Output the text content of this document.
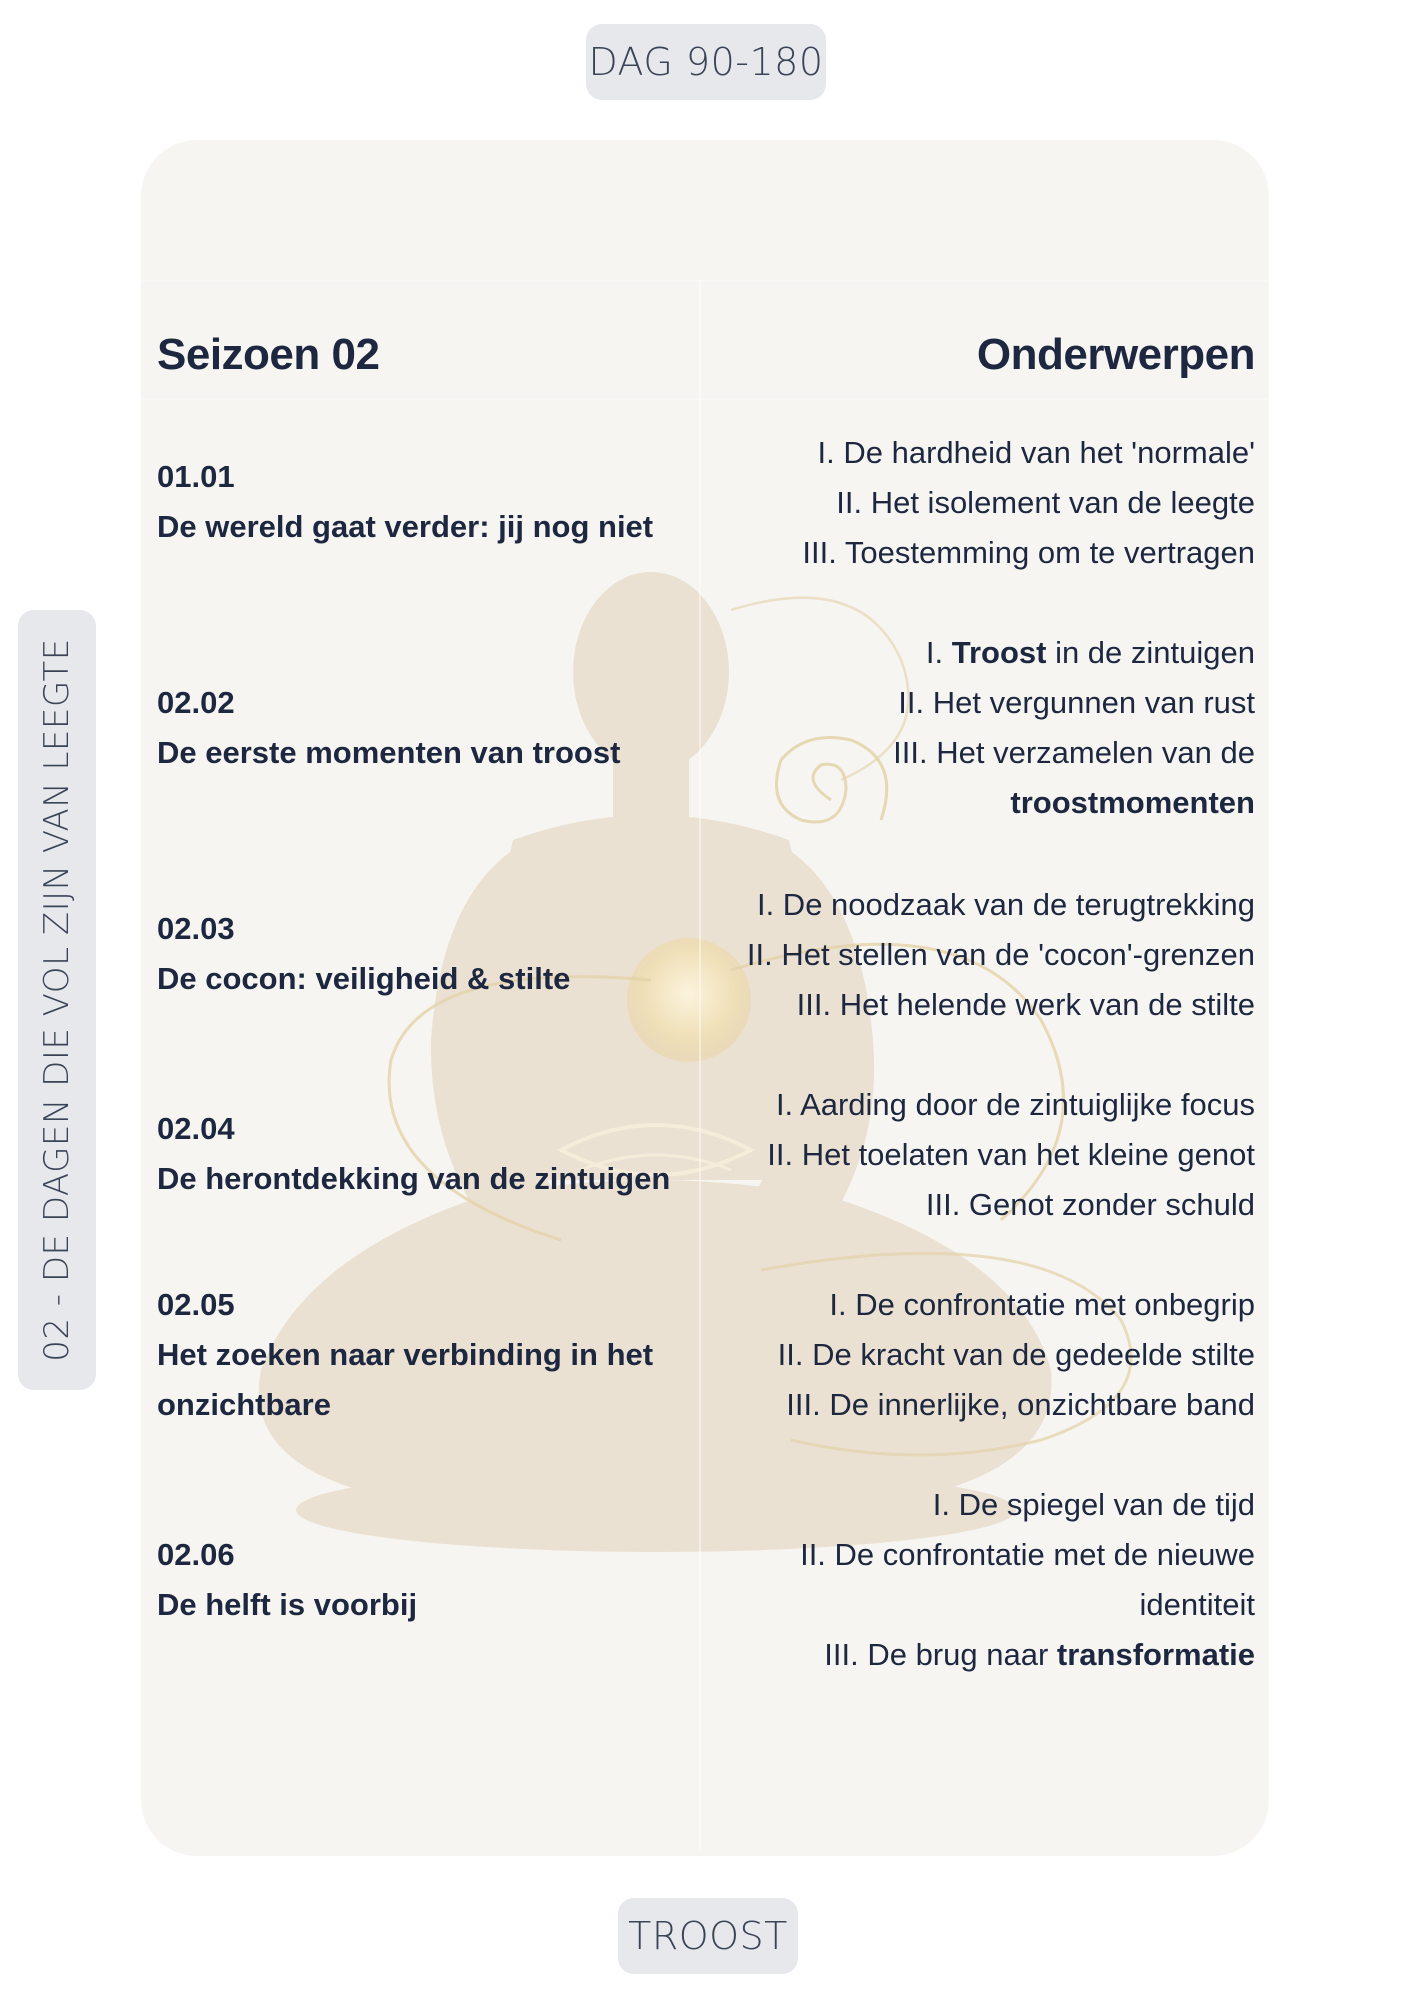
DAG 90-180
02 - DE DAGEN DIE VOL ZIJN VAN LEEGTE
Seizoen 02	Onderwerpen
01.01
De wereld gaat verder: jij nog niet
I. De hardheid van het 'normale'
II. Het isolement van de leegte
III. Toestemming om te vertragen
02.02
De eerste momenten van troost
I. Troost in de zintuigen
II. Het vergunnen van rust
III. Het verzamelen van de
troostmomenten
02.03
De cocon: veiligheid & stilte
I. De noodzaak van de terugtrekking
II. Het stellen van de 'cocon'-grenzen
III. Het helende werk van de stilte
02.04
De herontdekking van de zintuigen
I. Aarding door de zintuiglijke focus
II. Het toelaten van het kleine genot
III. Genot zonder schuld
02.05
Het zoeken naar verbinding in het
onzichtbare
I. De confrontatie met onbegrip
II. De kracht van de gedeelde stilte
III. De innerlijke, onzichtbare band
02.06
De helft is voorbij
I. De spiegel van de tijd
II. De confrontatie met de nieuwe
identiteit
III. De brug naar transformatie
TROOST
